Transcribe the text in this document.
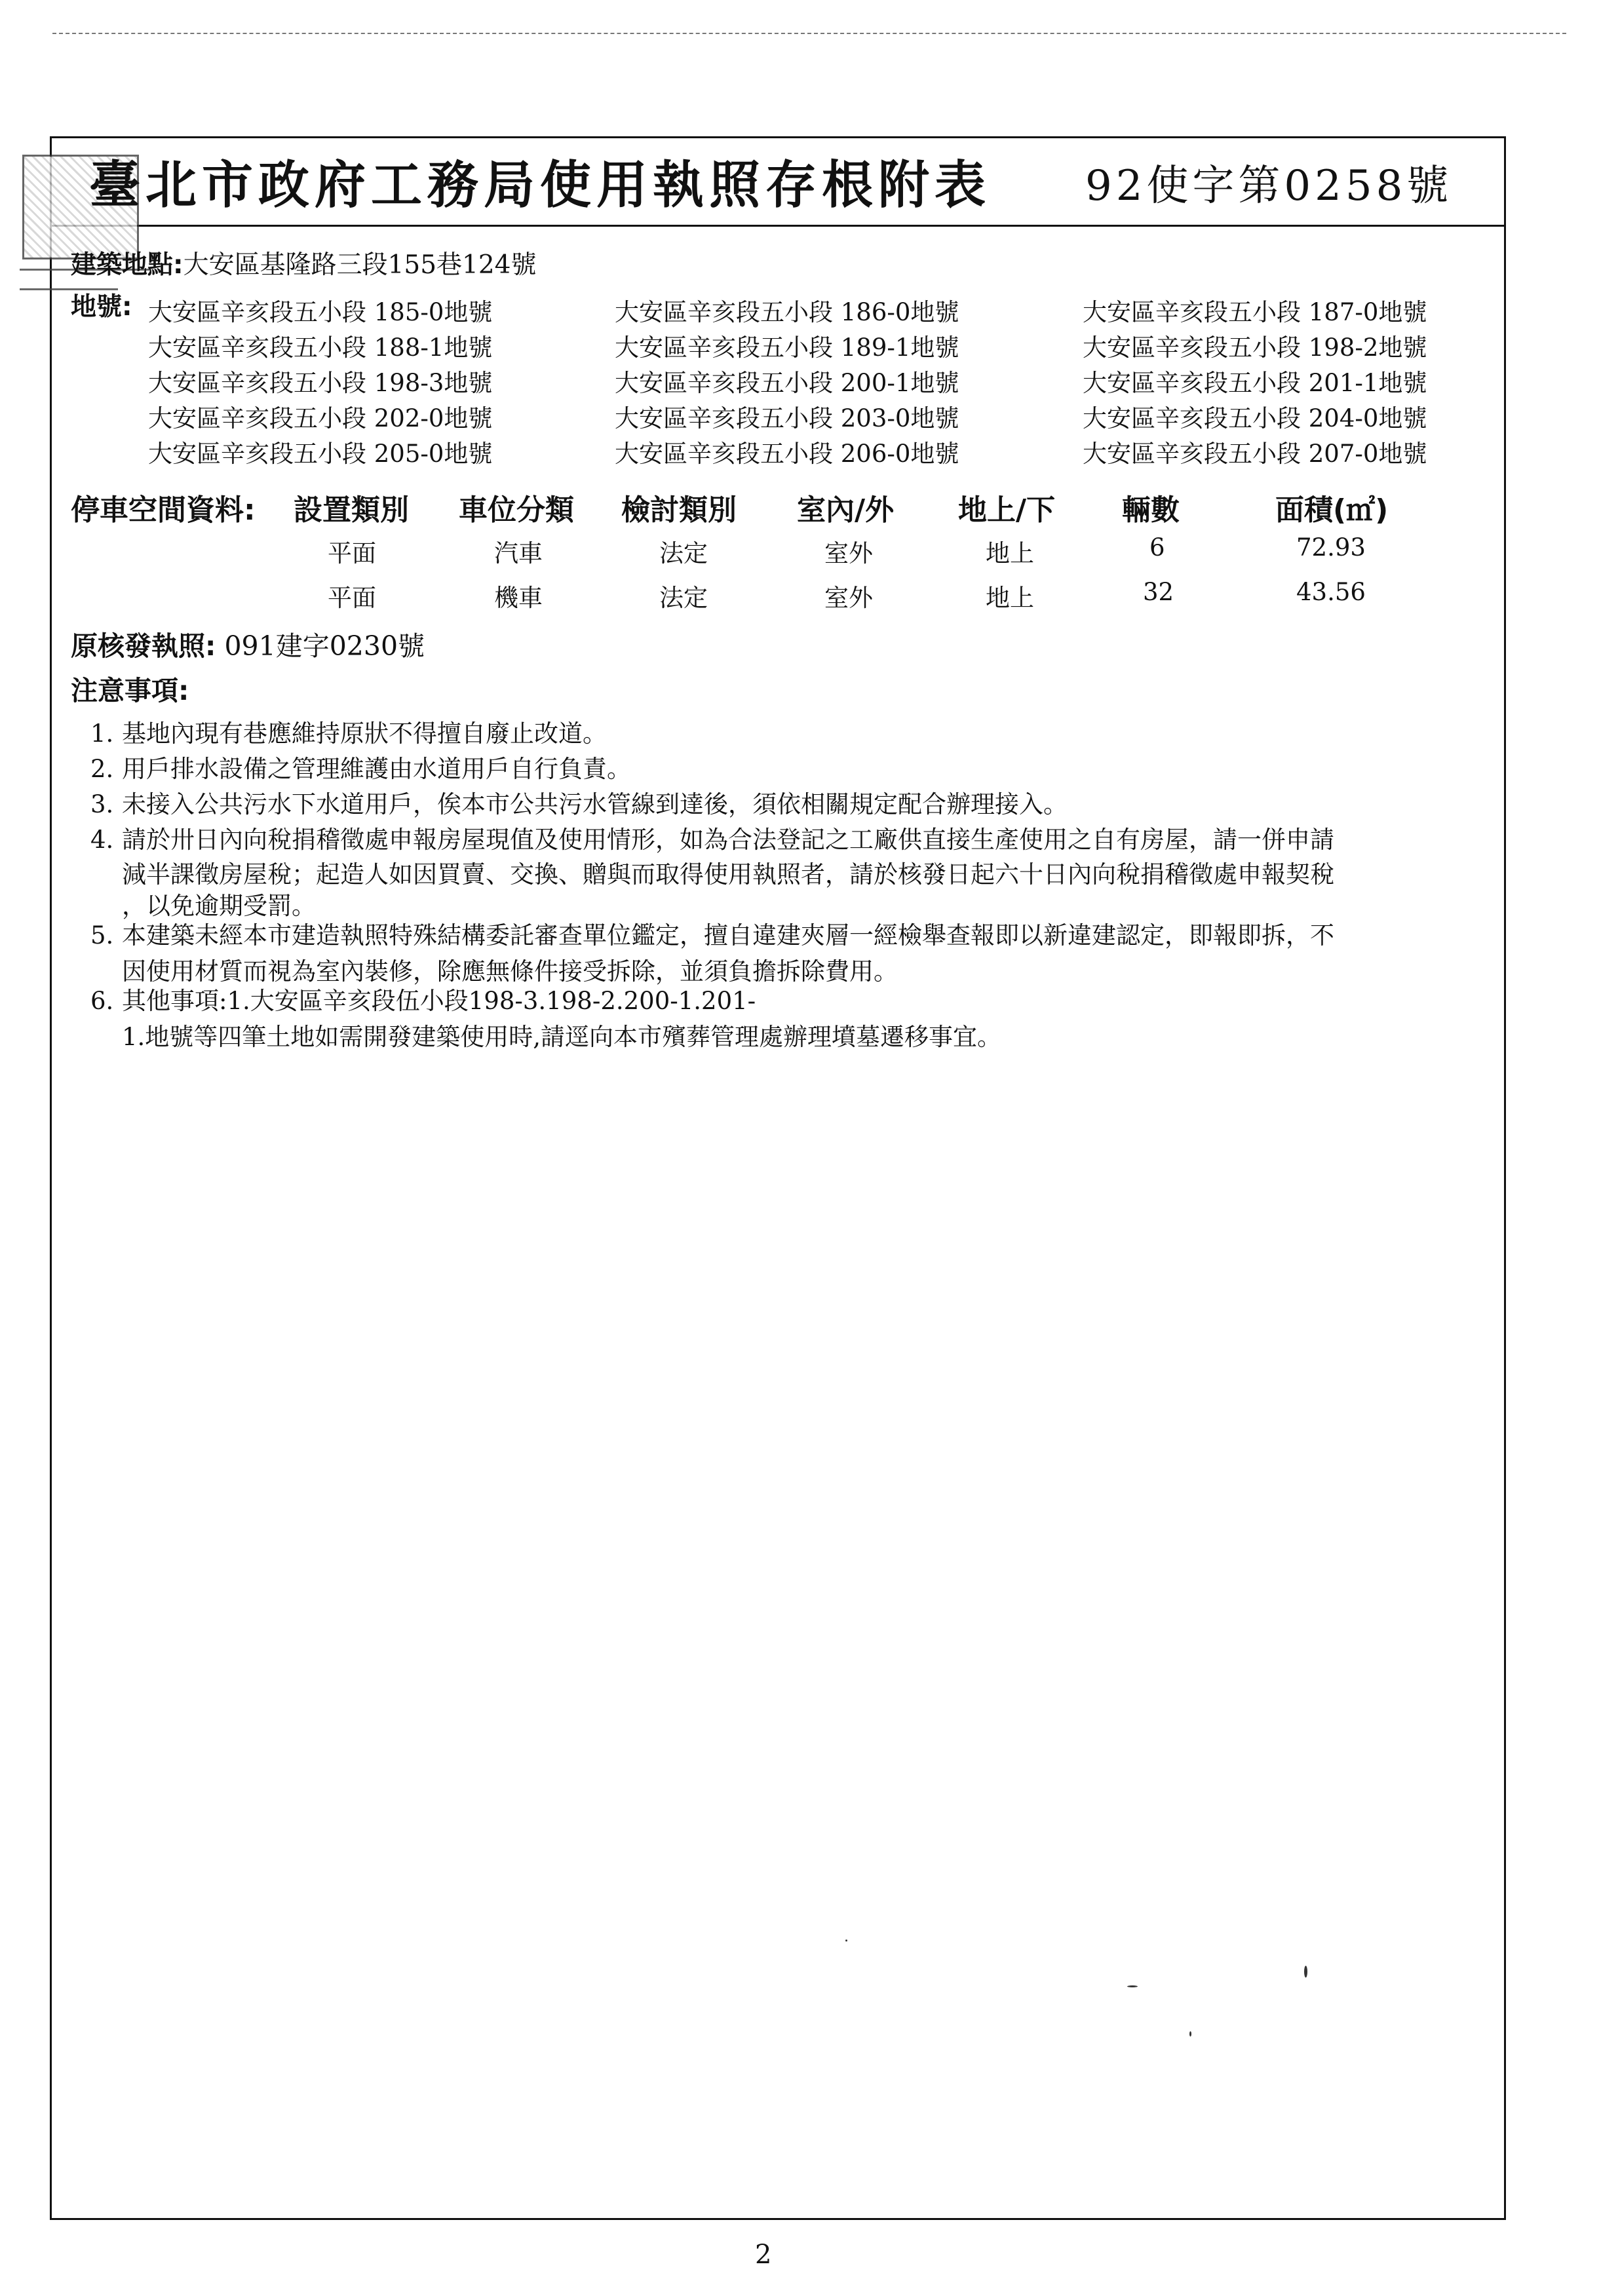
臺北市政府工務局使用執照存根附表 92使字第0258號
建築地點:大安區基隆路三段155巷124號
地號: 大安區辛亥段五小段 185-0地號	大安區辛亥段五小段 186-0地號	大安區辛亥段五小段 187-0地號
大安區辛亥段五小段 188-1地號	大安區辛亥段五小段 189-1地號	大安區辛亥段五小段 198-2地號
大安區辛亥段五小段 198-3地號	大安區辛亥段五小段 200-1地號	大安區辛亥段五小段 201-1地號
大安區辛亥段五小段 202-0地號	大安區辛亥段五小段 203-0地號	大安區辛亥段五小段 204-0地號
大安區辛亥段五小段 205-0地號	大安區辛亥段五小段 206-0地號	大安區辛亥段五小段 207-0地號
停車空間資料: 設置類別 車位分類 檢討類別 室內/外 地上/下 輛數	面積(㎡)
平面	汽車	法定	室外	地上	6	72.93
平面	機車	法定	室外	地上	32	43.56
原核發執照: 091建字0230號
注意事項:
1. 基地內現有巷應維持原狀不得擅自廢止改道。
2. 用戶排水設備之管理維護由水道用戶自行負責。
3. 未接入公共污水下水道用戶，俟本市公共污水管線到達後，須依相關規定配合辦理接入。
4. 請於卅日內向稅捐稽徵處申報房屋現值及使用情形，如為合法登記之工廠供直接生產使用之自有房屋，請一併申請
減半課徵房屋稅；起造人如因買賣、交換、贈與而取得使用執照者，請於核發日起六十日內向稅捐稽徵處申報契稅
，以免逾期受罰。
5. 本建築未經本市建造執照特殊結構委託審查單位鑑定，擅自違建夾層一經檢舉查報即以新違建認定，即報即拆，不
因使用材質而視為室內裝修，除應無條件接受拆除，並須負擔拆除費用。
6. 其他事項:1.大安區辛亥段伍小段198-3.198-2.200-1.201-
1.地號等四筆土地如需開發建築使用時,請逕向本市殯葬管理處辦理墳墓遷移事宜。
2
